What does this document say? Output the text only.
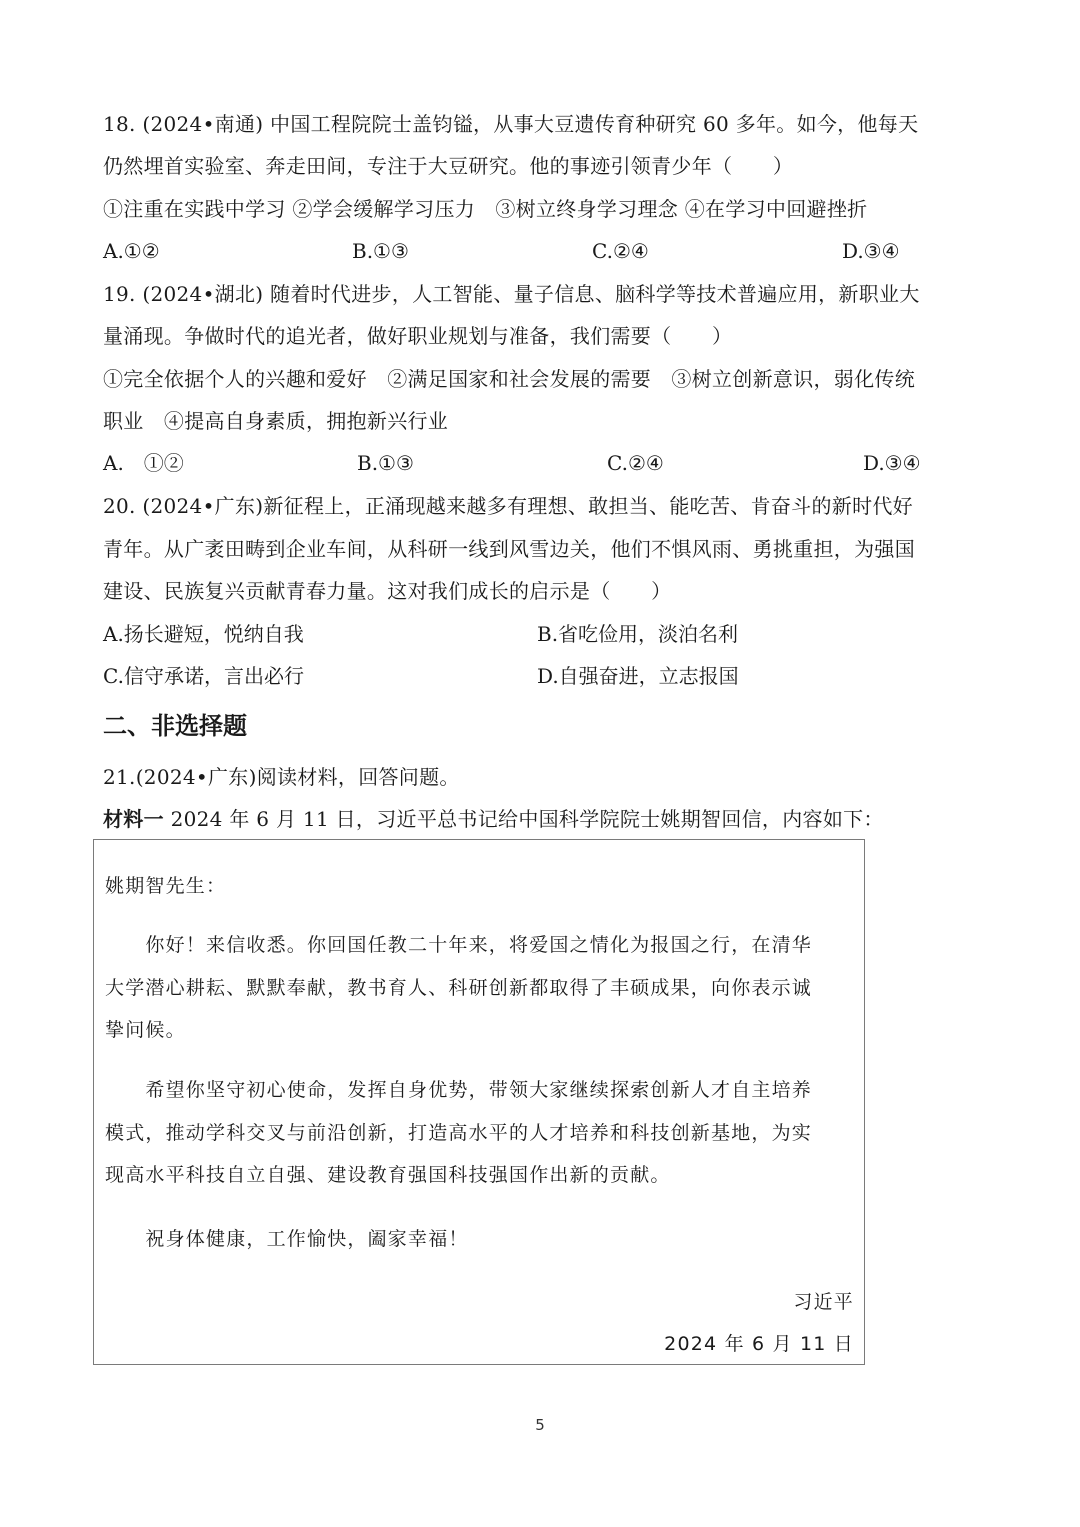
18. (2024•南通) 中国工程院院士盖钧镒，从事大豆遗传育种研究 60 多年。如今，他每天
仍然埋首实验室、奔走田间，专注于大豆研究。他的事迹引领青少年（　　）
①注重在实践中学习 ②学会缓解学习压力　③树立终身学习理念 ④在学习中回避挫折
A.①②	B.①③	C.②④	D.③④
19. (2024•湖北) 随着时代进步，人工智能、量子信息、脑科学等技术普遍应用，新职业大
量涌现。争做时代的追光者，做好职业规划与准备，我们需要（　　）
①完全依据个人的兴趣和爱好　②满足国家和社会发展的需要　③树立创新意识，弱化传统
职业　④提高自身素质，拥抱新兴行业
A.　①②	B.①③	C.②④	D.③④
20. (2024•广东)新征程上，正涌现越来越多有理想、敢担当、能吃苦、肯奋斗的新时代好
青年。从广袤田畴到企业车间，从科研一线到风雪边关，他们不惧风雨、勇挑重担，为强国
建设、民族复兴贡献青春力量。这对我们成长的启示是（　　）
A.扬长避短，悦纳自我	B.省吃俭用，淡泊名利
C.信守承诺，言出必行	D.自强奋进，立志报国
二、非选择题
21.(2024•广东)阅读材料，回答问题。
材料一 2024 年 6 月 11 日，习近平总书记给中国科学院院士姚期智回信，内容如下：
姚期智先生：
　　你好！来信收悉。你回国任教二十年来，将爱国之情化为报国之行，在清华
大学潜心耕耘、默默奉献，教书育人、科研创新都取得了丰硕成果，向你表示诚
挚问候。
　　希望你坚守初心使命，发挥自身优势，带领大家继续探索创新人才自主培养
模式，推动学科交叉与前沿创新，打造高水平的人才培养和科技创新基地，为实
现高水平科技自立自强、建设教育强国科技强国作出新的贡献。
　　祝身体健康，工作愉快，阖家幸福！
习近平
2024 年 6 月 11 日
5
